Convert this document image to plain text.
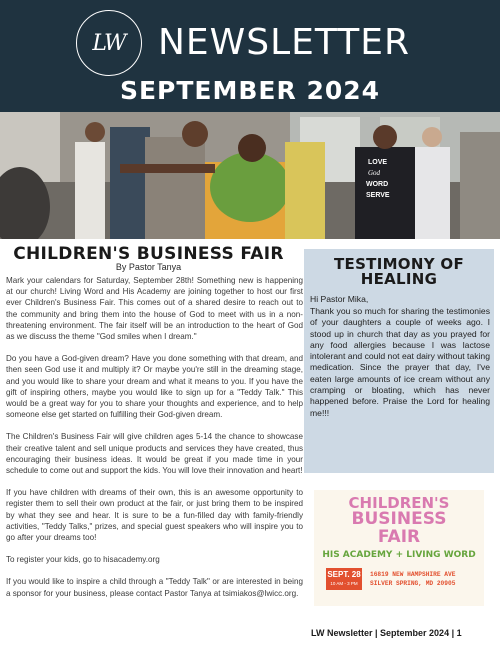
LW NEWSLETTER
SEPTEMBER 2024
LOVE
God
WORD
SERVE
CHILDREN'S BUSINESS FAIR
By Pastor Tanya

Mark your calendars for Saturday, September 28th! Something new is happening at our church! Living Word and His Academy are joining together to host our first ever Children's Business Fair. This comes out of a shared desire to reach out to the community and bring them into the house of God to meet with us in a non-threatening environment. The fair itself will be an introduction to the heart of God as we discuss the theme "God smiles when I dream."

Do you have a God-given dream? Have you done something with that dream, and then seen God use it and multiply it? Or maybe you're still in the dreaming stage, and you would like to share your dream and what it means to you. If you have the gift of inspiring others, maybe you would like to sign up for a "Teddy Talk." This would be a great way for you to share your thoughts and experience, and to help someone else get started on fulfilling their God-given dream.

The Children's Business Fair will give children ages 5-14 the chance to showcase their creative talent and sell unique products and services they have created, thus encouraging their business ideas. It would be great if you made time in your schedule to come out and support the kids. You will love their innovation and heart!

If you have children with dreams of their own, this is an awesome opportunity to register them to sell their own product at the fair, or just bring them to be inspired by what they see and hear. It is sure to be a fun-filled day with family-friendly activities, "Teddy Talks," prizes, and special guest speakers who will inspire you to go after your dreams too!

To register your kids, go to hisacademy.org

If you would like to inspire a child through a "Teddy Talk" or are interested in being a sponsor for your business, please contact Pastor Tanya at tsimiakos@lwicc.org.

TESTIMONY OF
HEALING
Hi Pastor Mika,
Thank you so much for sharing the testimonies of your daughters a couple of weeks ago. I stood up in church that day as you prayed for any food allergies because I was lactose intolerant and could not eat dairy without taking medication. Since the prayer that day, I've eaten large amounts of ice cream without any cramping or bloating, which has never happened before. Praise the Lord for healing me!!!
CHILDREN'S
BUSINESS
FAIR
HIS ACADEMY + LIVING WORD
SEPT. 28
10 AM - 3 PM
16819 NEW HAMPSHIRE AVE
SILVER SPRING, MD 20905
LW Newsletter | September 2024 | 1
